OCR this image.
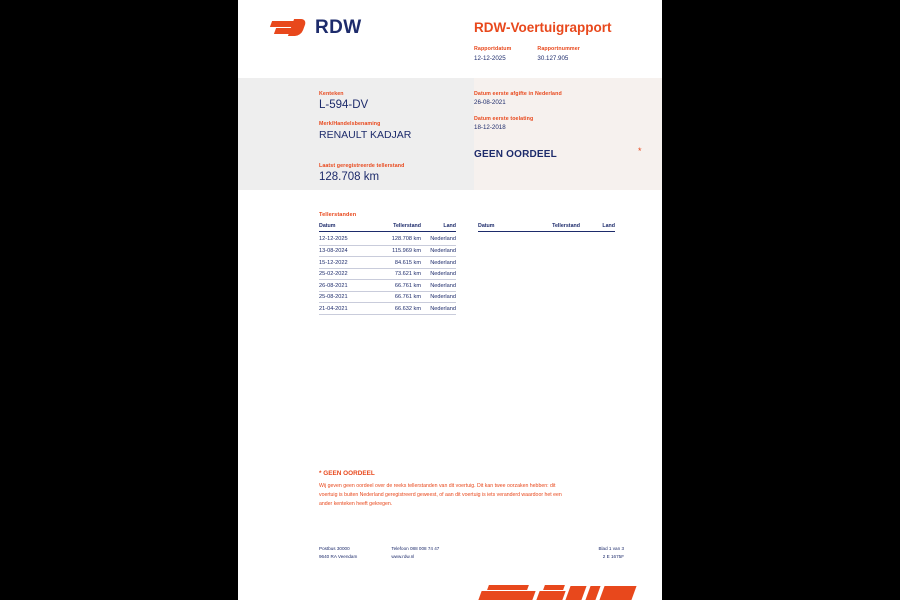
RDW	RDW-Voertuigrapport
Rapportdatum
12-12-2025
Rapportnummer
30.127.905
Kenteken
L-594-DV
Merk/Handelsbenaming
RENAULT KADJAR
Laatst geregistreerde tellerstand
128.708 km
Datum eerste afgifte in Nederland
26-08-2021
Datum eerste toelating
18-12-2018
GEEN OORDEEL	*
Tellerstanden
Datum	Tellerstand	Land
12-12-2025	128.708 km	Nederland
13-08-2024	115.969 km	Nederland
15-12-2022	84.615 km	Nederland
25-02-2022	73.621 km	Nederland
26-08-2021	66.761 km	Nederland
25-08-2021	66.761 km	Nederland
21-04-2021	66.632 km	Nederland
Datum	Tellerstand	Land
* GEEN OORDEEL
Wij geven geen oordeel over de reeks tellerstanden van dit voertuig. Dit kan twee oorzaken hebben: dit
voertuig is buiten Nederland geregistreerd geweest, of aan dit voertuig is iets veranderd waardoor het een
ander kenteken heeft gekregen.
Postbus 30000
9640 RA Veendam
Telefoon 088 008 74 47
www.rdw.nl
Blad 1 van 3
2 E 1675F
